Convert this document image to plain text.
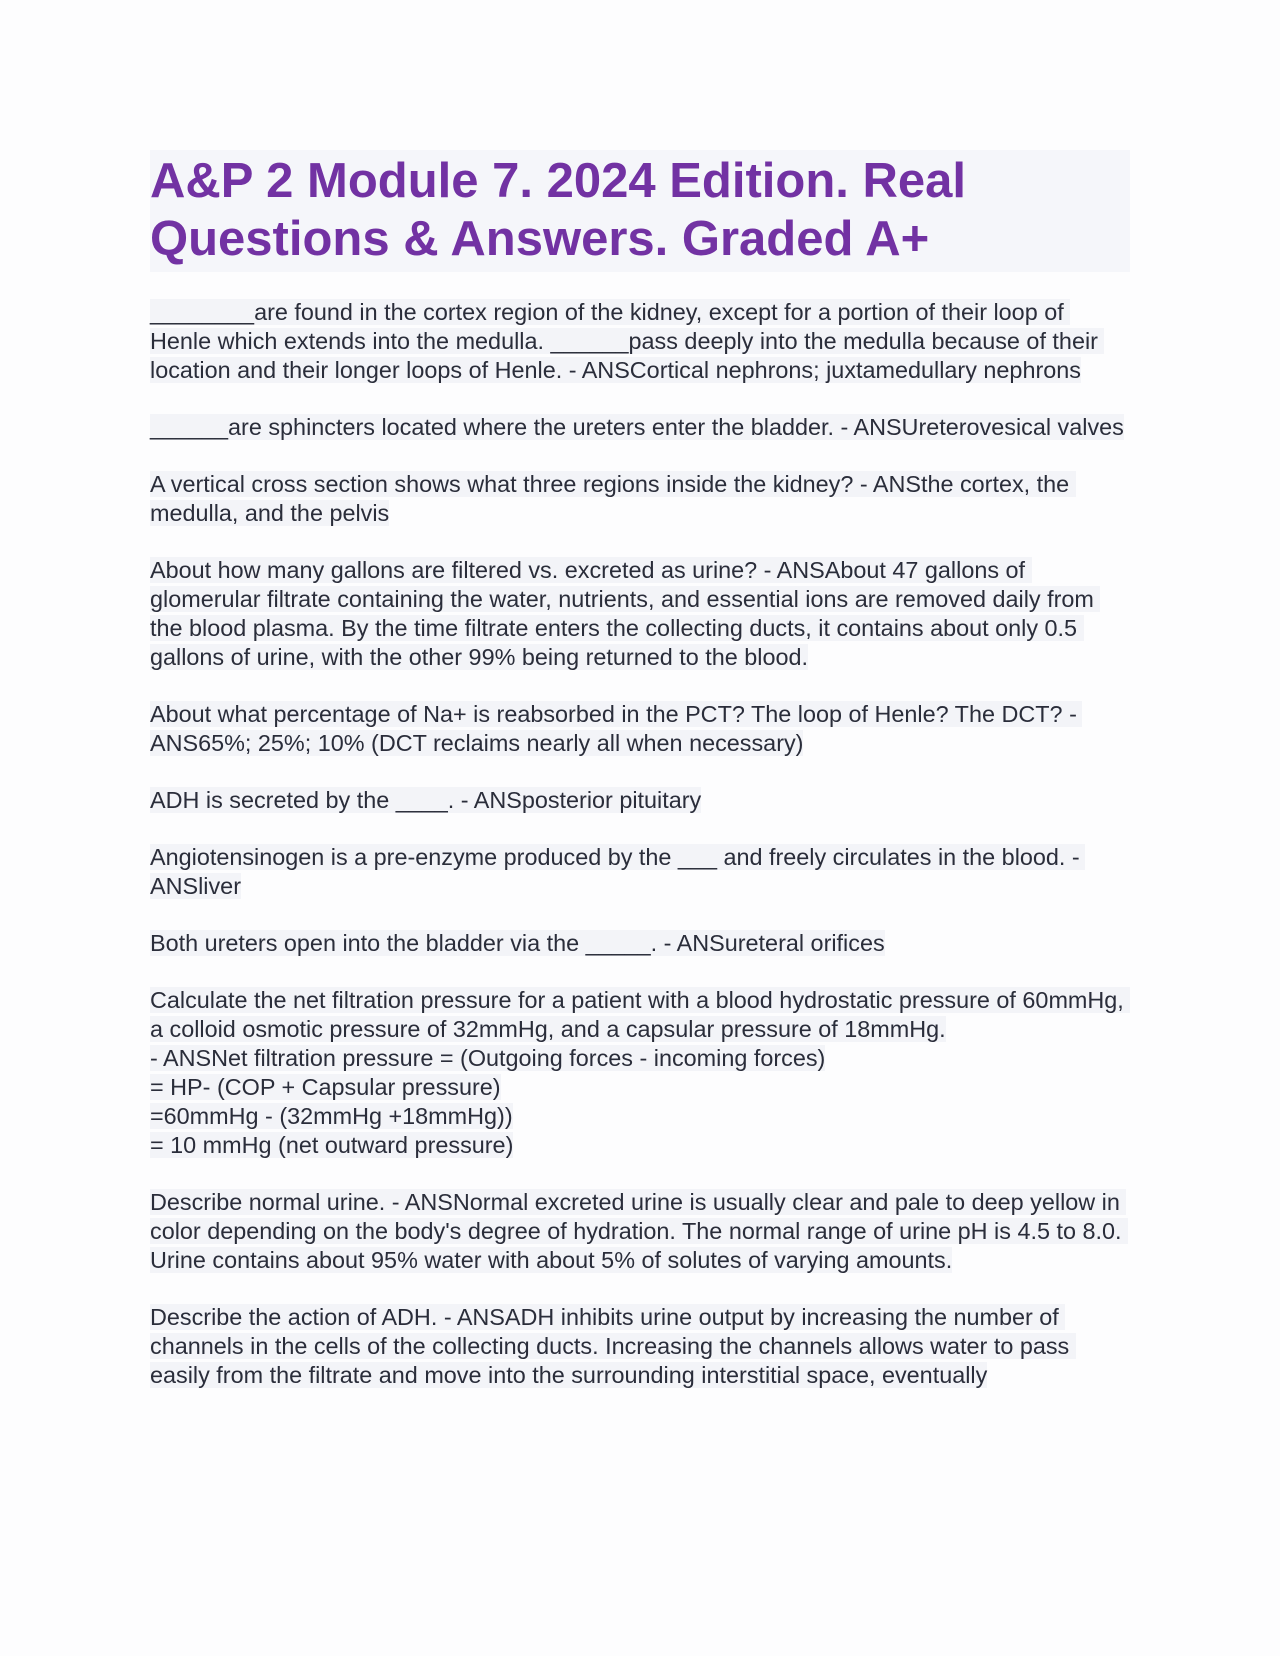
A&P 2 Module 7. 2024 Edition. Real Questions & Answers. Graded A+

________are found in the cortex region of the kidney, except for a portion of their loop of Henle which extends into the medulla. ______pass deeply into the medulla because of their location and their longer loops of Henle. - ANSCortical nephrons; juxtamedullary nephrons

______are sphincters located where the ureters enter the bladder. - ANSUreterovesical valves

A vertical cross section shows what three regions inside the kidney? - ANSthe cortex, the medulla, and the pelvis

About how many gallons are filtered vs. excreted as urine? - ANSAbout 47 gallons of glomerular filtrate containing the water, nutrients, and essential ions are removed daily from the blood plasma. By the time filtrate enters the collecting ducts, it contains about only 0.5 gallons of urine, with the other 99% being returned to the blood.

About what percentage of Na+ is reabsorbed in the PCT? The loop of Henle? The DCT? - ANS65%; 25%; 10% (DCT reclaims nearly all when necessary)

ADH is secreted by the ____. - ANSposterior pituitary

Angiotensinogen is a pre-enzyme produced by the ___ and freely circulates in the blood. - ANSliver

Both ureters open into the bladder via the _____. - ANSureteral orifices

Calculate the net filtration pressure for a patient with a blood hydrostatic pressure of 60mmHg, a colloid osmotic pressure of 32mmHg, and a capsular pressure of 18mmHg.
- ANSNet filtration pressure = (Outgoing forces - incoming forces)
= HP- (COP + Capsular pressure)
=60mmHg - (32mmHg +18mmHg))
= 10 mmHg (net outward pressure)

Describe normal urine. - ANSNormal excreted urine is usually clear and pale to deep yellow in color depending on the body's degree of hydration. The normal range of urine pH is 4.5 to 8.0. Urine contains about 95% water with about 5% of solutes of varying amounts.

Describe the action of ADH. - ANSADH inhibits urine output by increasing the number of channels in the cells of the collecting ducts. Increasing the channels allows water to pass easily from the filtrate and move into the surrounding interstitial space, eventually
